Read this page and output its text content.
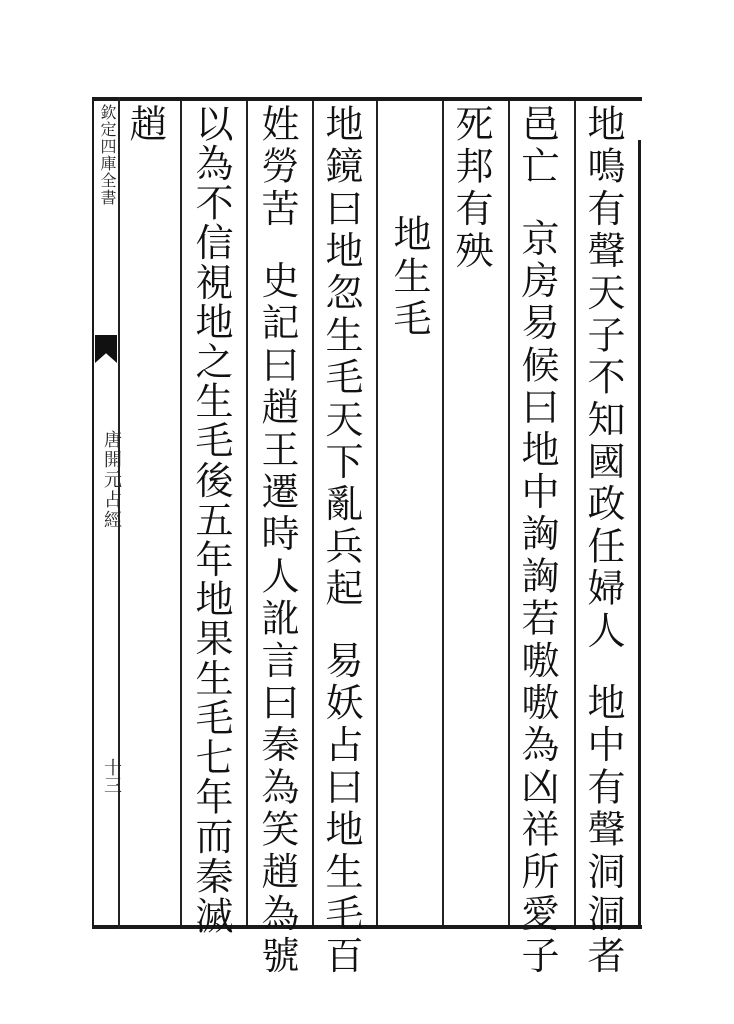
欽定四庫全書
唐開元占經
十三
地鳴有聲天子不知國政任婦人地中有聲洞洞者
邑亡京房易候曰地中詾詾若嗷嗷為凶祥所愛子
死邦有殃
地生毛
地鏡曰地忽生毛天下亂兵起易妖占曰地生毛百
姓勞苦史記曰趙王遷時人訛言曰秦為笑趙為號
以為不信視地之生毛後五年地果生毛七年而秦滅
趙
